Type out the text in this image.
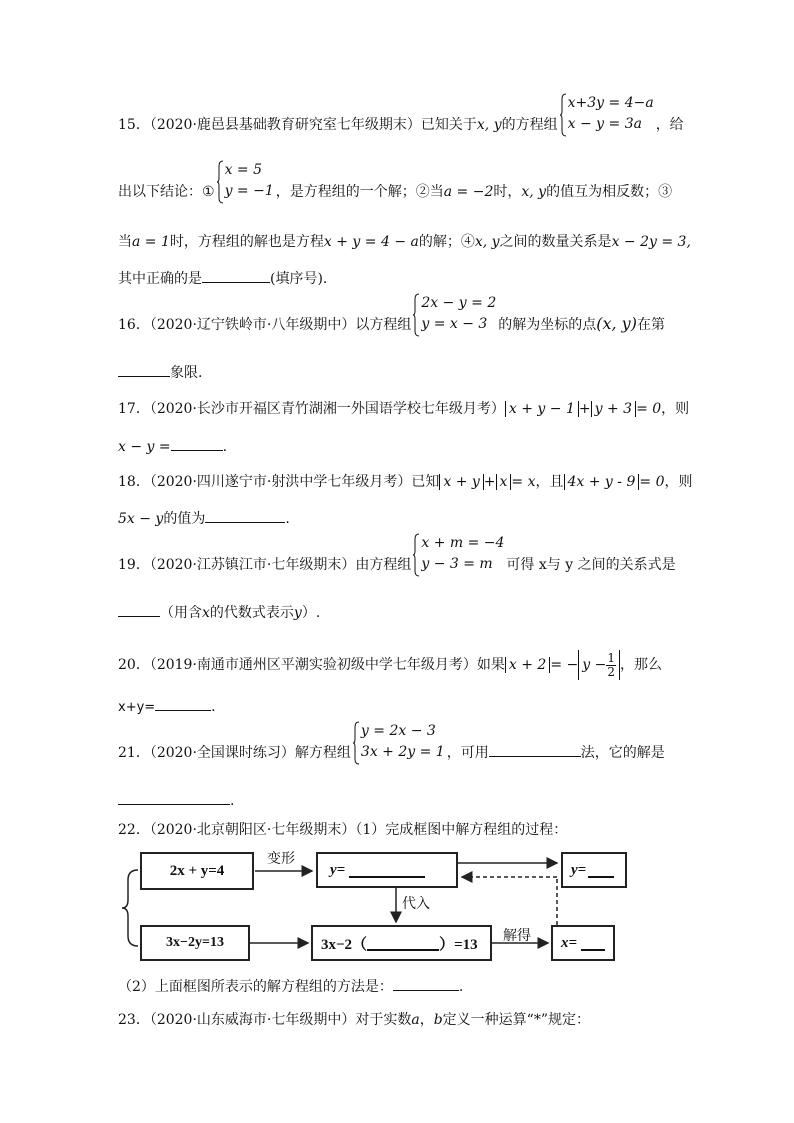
15．（2020·鹿邑县基础教育研究室七年级期末）已知关于x, y的方程组
x+3y = 4−a
x − y = 3a ，给
出以下结论：①
x = 5
y = −1 ，是方程组的一个解；②当a = −2时，x, y的值互为相反数；③
当a = 1时，方程组的解也是方程x + y = 4 − a的解；④x, y之间的数量关系是x − 2y = 3,
其中正确的是	(填序号).
16．（2020·辽宁铁岭市·八年级期中）以方程组
2x − y = 2
y = x − 3 的解为坐标的点(x, y)在第
象限.
17．（2020·长沙市开福区青竹湖湘一外国语学校七年级月考） x + y − 1 + y + 3 = 0，则
x − y =	.
18．（2020·四川遂宁市·射洪中学七年级月考）已知 x + y + x = x，且 4x + y - 9 = 0，则
5x − y的值为	.
19．（2020·江苏镇江市·七年级期末）由方程组
x + m = −4
y − 3 = m 可得 x与 y 之间的关系式是
（用含x的代数式表示y）.
20．（2019·南通市通州区平潮实验初级中学七年级月考）如果 x + 2 = − $y - \frac{1}{2}$ ，那么
x+y=	.
21．（2020·全国课时练习）解方程组
y = 2x − 3
3x + 2y = 1 ，可用	法，它的解是
.
22．（2020·北京朝阳区·七年级期末）（1）完成框图中解方程组的过程：
2x + y=4	y=	y=
3x−2y=13	3x−2（	）=13	x=
变形
代入
解得
（2）上面框图所表示的解方程组的方法是：	.
23．（2020·山东威海市·七年级期中）对于实数a，b定义一种运算“*”规定：
